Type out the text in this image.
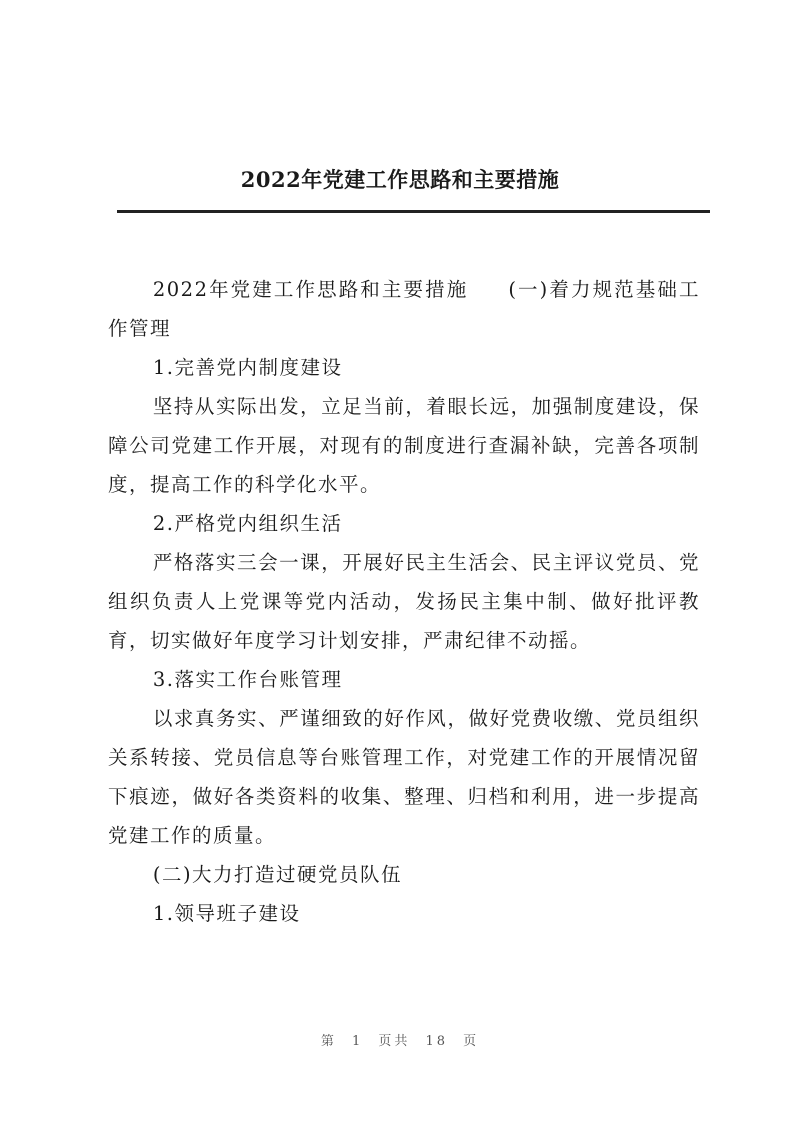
2022年党建工作思路和主要措施

2022年党建工作思路和主要措施 (一)着力规范基础工作管理

1.完善党内制度建设

坚持从实际出发，立足当前，着眼长远，加强制度建设，保障公司党建工作开展，对现有的制度进行查漏补缺，完善各项制度，提高工作的科学化水平。

2.严格党内组织生活

严格落实三会一课，开展好民主生活会、民主评议党员、党组织负责人上党课等党内活动，发扬民主集中制、做好批评教育，切实做好年度学习计划安排，严肃纪律不动摇。

3.落实工作台账管理

以求真务实、严谨细致的好作风，做好党费收缴、党员组织关系转接、党员信息等台账管理工作，对党建工作的开展情况留下痕迹，做好各类资料的收集、整理、归档和利用，进一步提高党建工作的质量。

(二)大力打造过硬党员队伍

1.领导班子建设

第 1 页共 18 页
